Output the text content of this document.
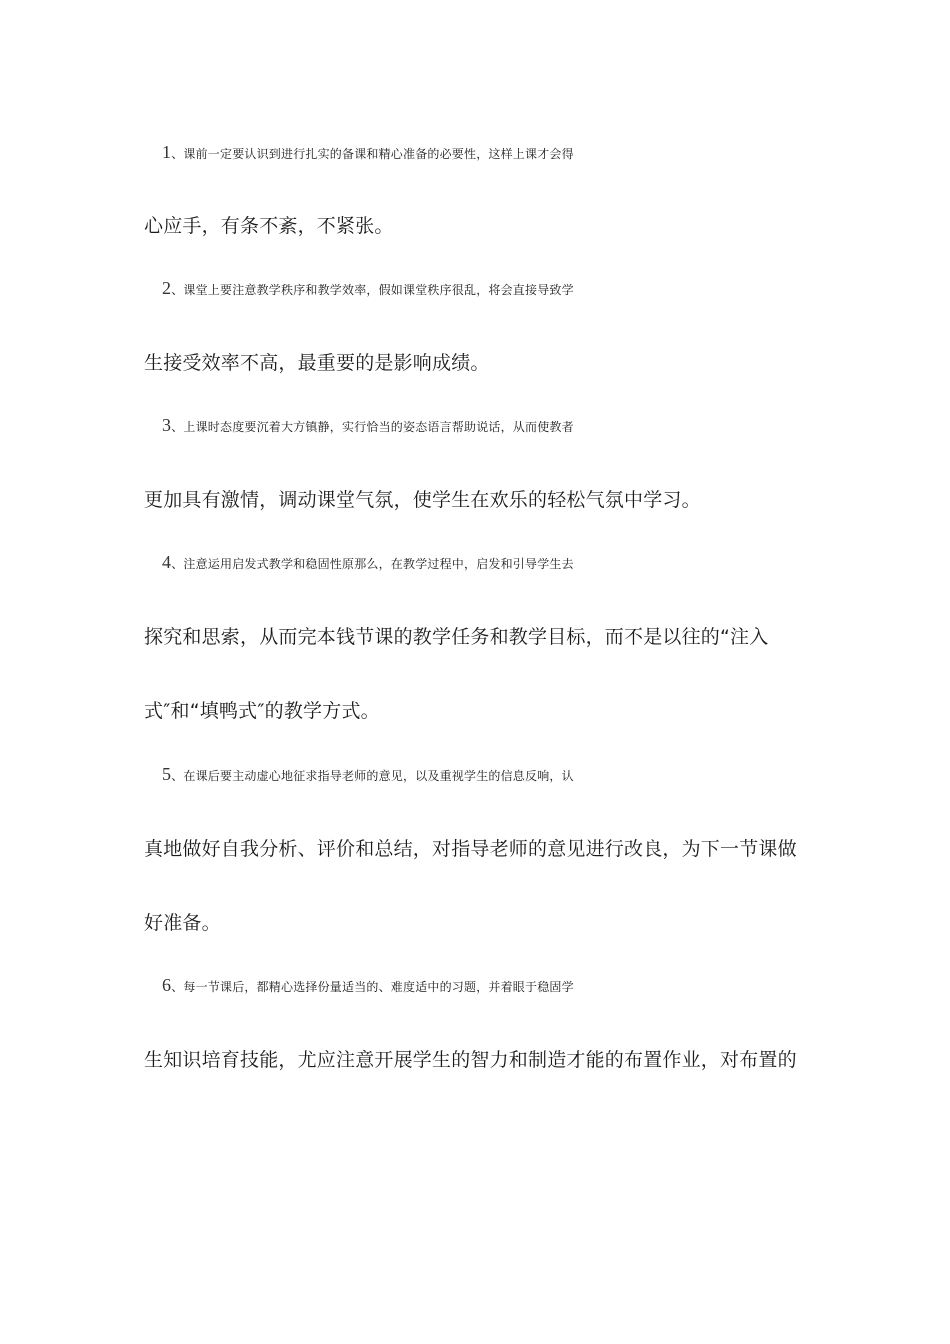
1、课前一定要认识到进行扎实的备课和精心准备的必要性，这样上课才会得
心应手，有条不紊，不紧张。
2、课堂上要注意教学秩序和教学效率，假如课堂秩序很乱，将会直接导致学
生接受效率不高，最重要的是影响成绩。
3、上课时态度要沉着大方镇静，实行恰当的姿态语言帮助说话，从而使教者
更加具有激情，调动课堂气氛，使学生在欢乐的轻松气氛中学习。
4、注意运用启发式教学和稳固性原那么，在教学过程中，启发和引导学生去
探究和思索，从而完本钱节课的教学任务和教学目标，而不是以往的“注入
式″和“填鸭式″的教学方式。
5、在课后要主动虚心地征求指导老师的意见，以及重视学生的信息反响，认
真地做好自我分析、评价和总结，对指导老师的意见进行改良，为下一节课做
好准备。
6、每一节课后，都精心选择份量适当的、难度适中的习题，并着眼于稳固学
生知识培育技能，尤应注意开展学生的智力和制造才能的布置作业，对布置的
